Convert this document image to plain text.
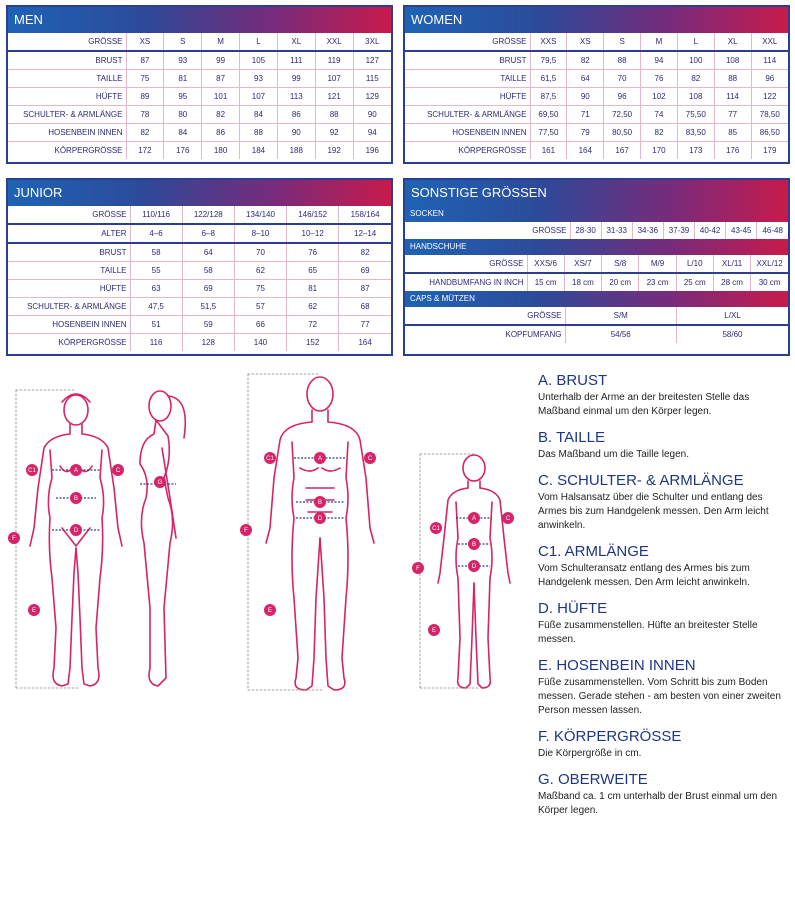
MEN
GRÖSSE	XS	S	M	L	XL	XXL	3XL
BRUST	87	93	99	105	111	119	127
TAILLE	75	81	87	93	99	107	115
HÜFTE	89	95	101	107	113	121	129
SCHULTER- & ARMLÄNGE	78	80	82	84	86	88	90
HOSENBEIN INNEN	82	84	86	88	90	92	94
KÖRPERGRÖSSE	172	176	180	184	188	192	196
WOMEN
GRÖSSE	XXS	XS	S	M	L	XL	XXL
BRUST	79,5	82	88	94	100	108	114
TAILLE	61,5	64	70	76	82	88	96
HÜFTE	87,5	90	96	102	108	114	122
SCHULTER- & ARMLÄNGE	69,50	71	72,50	74	75,50	77	78,50
HOSENBEIN INNEN	77,50	79	80,50	82	83,50	85	86,50
KÖRPERGRÖSSE	161	164	167	170	173	176	179
JUNIOR
GRÖSSE	110/116	122/128	134/140	146/152	158/164
ALTER	4–6	6–8	8–10	10–12	12–14
BRUST	58	64	70	76	82
TAILLE	55	58	62	65	69
HÜFTE	63	69	75	81	87
SCHULTER- & ARMLÄNGE	47,5	51,5	57	62	68
HOSENBEIN INNEN	51	59	66	72	77
KÖRPERGRÖSSE	116	128	140	152	164
SONSTIGE GRÖSSEN
SOCKEN
GRÖSSE	28-30	31-33	34-36	37-39	40-42	43-45	46-48
HANDSCHUHE
GRÖSSE	XXS/6	XS/7	S/8	M/9	L/10	XL/11	XXL/12
HANDBUMFANG IN INCH	15 cm	18 cm	20 cm	23 cm	25 cm	28 cm	30 cm
CAPS & MÜTZEN
GRÖSSE	S/M	L/XL
KOPFUMFANG	54/56	58/60
A
B
C
C1
D
E
F
G
A
B
C
C1
D
E
F
A
B
C
C1
D
E
F
A. BRUST
Unterhalb der Arme an der breitesten Stelle das Maßband einmal um den Körper legen.
B. TAILLE
Das Maßband um die Taille legen.
C. SCHULTER- & ARMLÄNGE
Vom Halsansatz über die Schulter und entlang des Armes bis zum Handgelenk messen. Den Arm leicht anwinkeln.
C1. ARMLÄNGE
Vom Schulteransatz entlang des Armes bis zum Handgelenk messen. Den Arm leicht anwinkeln.
D. HÜFTE
Füße zusammenstellen. Hüfte an breitester Stelle messen.
E. HOSENBEIN INNEN
Füße zusammenstellen. Vom Schritt bis zum Boden messen. Gerade stehen - am besten von einer zweiten Person messen lassen.
F. KÖRPERGRÖSSE
Die Körpergröße in cm.
G. OBERWEITE
Maßband ca. 1 cm unterhalb der Brust einmal um den Körper legen.
